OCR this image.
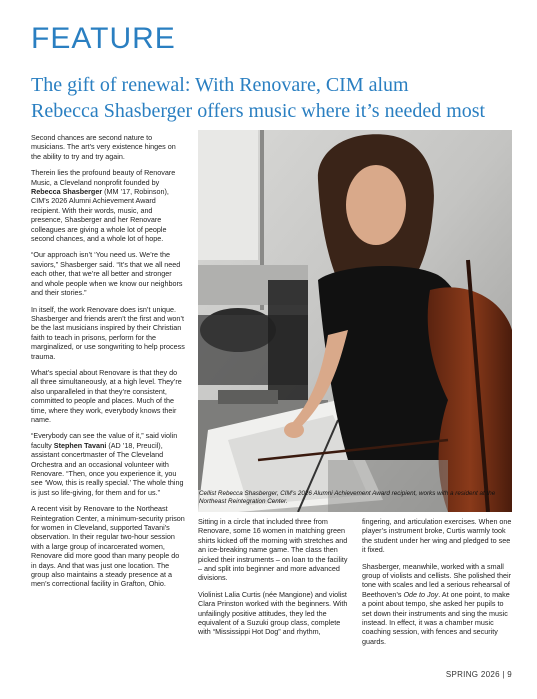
FEATURE
The gift of renewal: With Renovare, CIM alum
Rebecca Shasberger offers music where it’s needed most

Second chances are second nature to musicians. The art’s very existence hinges on the ability to try and try again.

Therein lies the profound beauty of Renovare Music, a Cleveland nonprofit founded by Rebecca Shasberger (MM ’17, Robinson), CIM’s 2026 Alumni Achievement Award recipient. With their words, music, and presence, Shasberger and her Renovare colleagues are giving a whole lot of people second chances, and a whole lot of hope.

“Our approach isn’t ‘You need us. We’re the saviors,” Shasberger said. “It’s that we all need each other, that we’re all better and stronger and whole people when we know our neighbors and their stories.”

In itself, the work Renovare does isn’t unique. Shasberger and friends aren’t the first and won’t be the last musicians inspired by their Christian faith to teach in prisons, perform for the marginalized, or use songwriting to help process trauma.

What’s special about Renovare is that they do all three simultaneously, at a high level. They’re also unparalleled in that they’re consistent, committed to people and places. Much of the time, where they work, everybody knows their name.

“Everybody can see the value of it,” said violin faculty Stephen Tavani (AD ’18, Preucil), assistant concertmaster of The Cleveland Orchestra and an occasional volunteer with Renovare. “Then, once you experience it, you see ‘Wow, this is really special.’ The whole thing is just so life-giving, for them and for us.”

A recent visit by Renovare to the Northeast Reintegration Center, a minimum-security prison for women in Cleveland, supported Tavani’s observation. In their regular two-hour session with a large group of incarcerated women, Renovare did more good than many people do in days. And that was just one location. The group also maintains a steady presence at a men’s correctional facility in Grafton, Ohio.

Cellist Rebecca Shasberger, CIM’s 2026 Alumni Achievement Award recipient, works with a resident at the Northeast Reintegration Center.

Sitting in a circle that included three from Renovare, some 16 women in matching green shirts kicked off the morning with stretches and an ice-breaking name game. The class then picked their instruments – on loan to the facility – and split into beginner and more advanced divisions.

Violinist Lalia Curtis (née Mangione) and violist Clara Prinston worked with the beginners. With unfailingly positive attitudes, they led the equivalent of a Suzuki group class, complete with “Mississippi Hot Dog” and rhythm,

fingering, and articulation exercises. When one player’s instrument broke, Curtis warmly took the student under her wing and pledged to see it fixed.

Shasberger, meanwhile, worked with a small group of violists and cellists. She polished their tone with scales and led a serious rehearsal of Beethoven’s Ode to Joy. At one point, to make a point about tempo, she asked her pupils to set down their instruments and sing the music instead. In effect, it was a chamber music coaching session, with fences and security guards.

SPRING 2026 | 9
